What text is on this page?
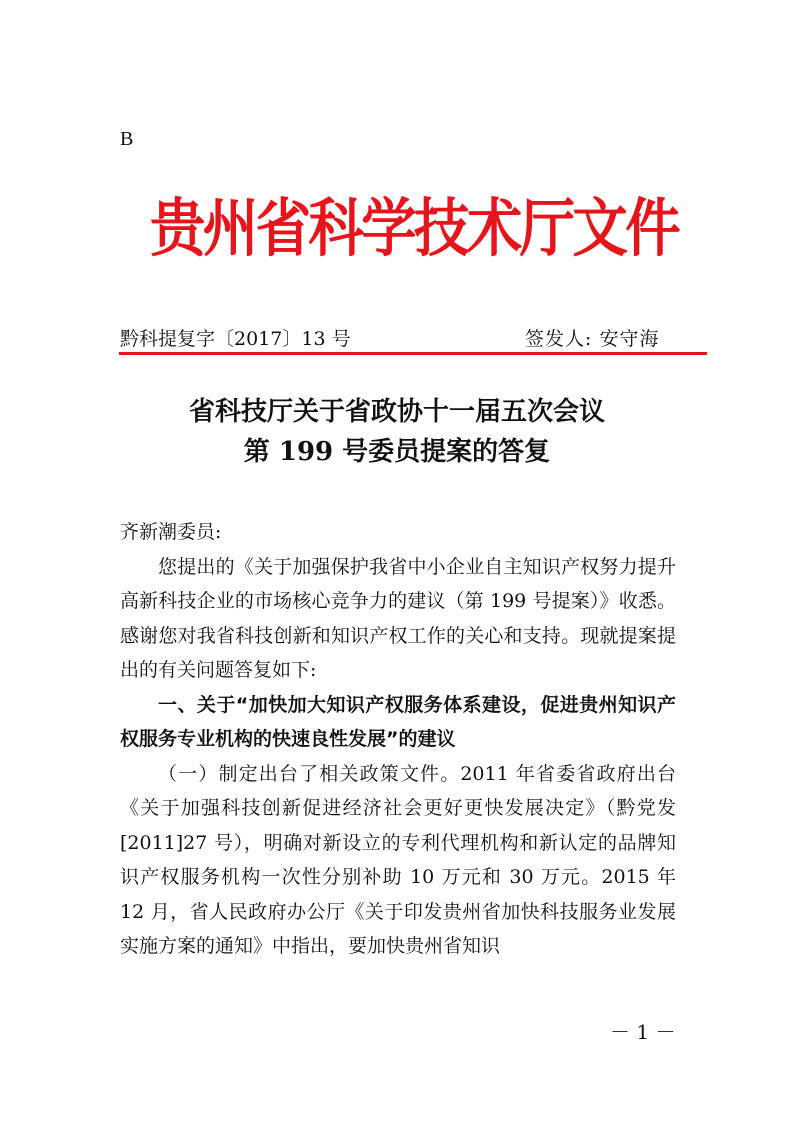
B
贵州省科学技术厅文件
黔科提复字〔2017〕13 号	签发人: 安守海
省科技厅关于省政协十一届五次会议
第 199 号委员提案的答复

齐新潮委员:

您提出的《关于加强保护我省中小企业自主知识产权努力提升高新科技企业的市场核心竞争力的建议（第 199 号提案）》收悉。感谢您对我省科技创新和知识产权工作的关心和支持。现就提案提出的有关问题答复如下:

一、关于“加快加大知识产权服务体系建设，促进贵州知识产权服务专业机构的快速良性发展”的建议

（一）制定出台了相关政策文件。2011 年省委省政府出台《关于加强科技创新促进经济社会更好更快发展决定》（黔党发[2011]27 号），明确对新设立的专利代理机构和新认定的品牌知识产权服务机构一次性分别补助 10 万元和 30 万元。2015 年 12 月，省人民政府办公厅《关于印发贵州省加快科技服务业发展实施方案的通知》中指出，要加快贵州省知识

－ 1 －
